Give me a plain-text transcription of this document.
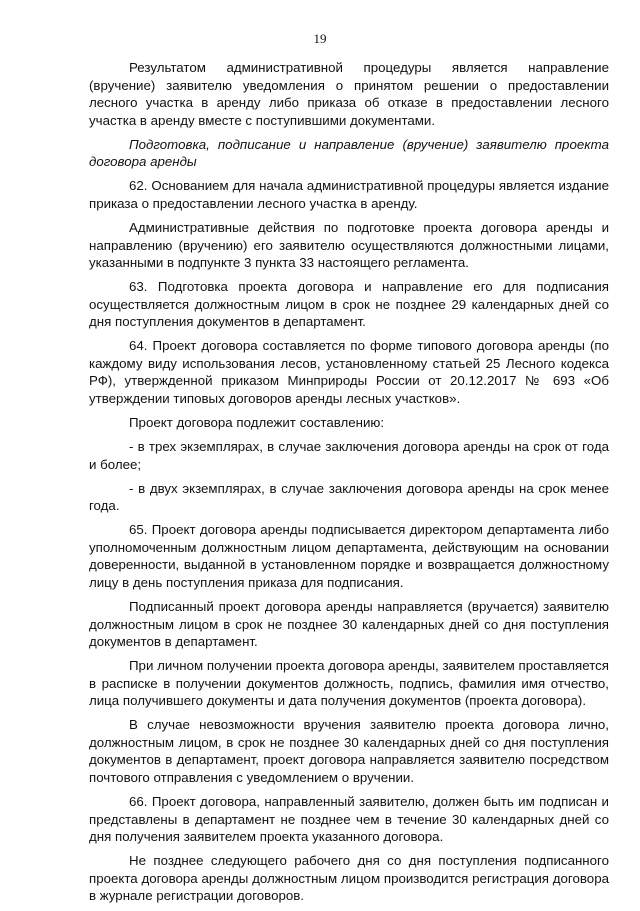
19

Результатом административной процедуры является направление (вручение) заявителю уведомления о принятом решении о предоставлении лесного участка в аренду либо приказа об отказе в предоставлении лесного участка в аренду вместе с поступившими документами.

Подготовка, подписание и направление (вручение) заявителю проекта договора аренды

62. Основанием для начала административной процедуры является издание приказа о предоставлении лесного участка в аренду.

Административные действия по подготовке проекта договора аренды и направлению (вручению) его заявителю осуществляются должностными лицами, указанными в подпункте 3 пункта 33 настоящего регламента.

63. Подготовка проекта договора и направление его для подписания осуществляется должностным лицом в срок не позднее 29 календарных дней со дня поступления документов в департамент.

64. Проект договора составляется по форме типового договора аренды (по каждому виду использования лесов, установленному статьей 25 Лесного кодекса РФ), утвержденной приказом Минприроды России от 20.12.2017 № 693 «Об утверждении типовых договоров аренды лесных участков».

Проект договора подлежит составлению:

- в трех экземплярах, в случае заключения договора аренды на срок от года и более;

- в двух экземплярах, в случае заключения договора аренды на срок менее года.

65. Проект договора аренды подписывается директором департамента либо уполномоченным должностным лицом департамента, действующим на основании доверенности, выданной в установленном порядке и возвращается должностному лицу в день поступления приказа для подписания.

Подписанный проект договора аренды направляется (вручается) заявителю должностным лицом в срок не позднее 30 календарных дней со дня поступления документов в департамент.

При личном получении проекта договора аренды, заявителем проставляется в расписке в получении документов должность, подпись, фамилия имя отчество, лица получившего документы и дата получения документов (проекта договора).

В случае невозможности вручения заявителю проекта договора лично, должностным лицом, в срок не позднее 30 календарных дней со дня поступления документов в департамент, проект договора направляется заявителю посредством почтового отправления с уведомлением о вручении.

66. Проект договора, направленный заявителю, должен быть им подписан и представлены в департамент не позднее чем в течение 30 календарных дней со дня получения заявителем проекта указанного договора.

Не позднее следующего рабочего дня со дня поступления подписанного проекта договора аренды должностным лицом производится регистрация договора в журнале регистрации договоров.
